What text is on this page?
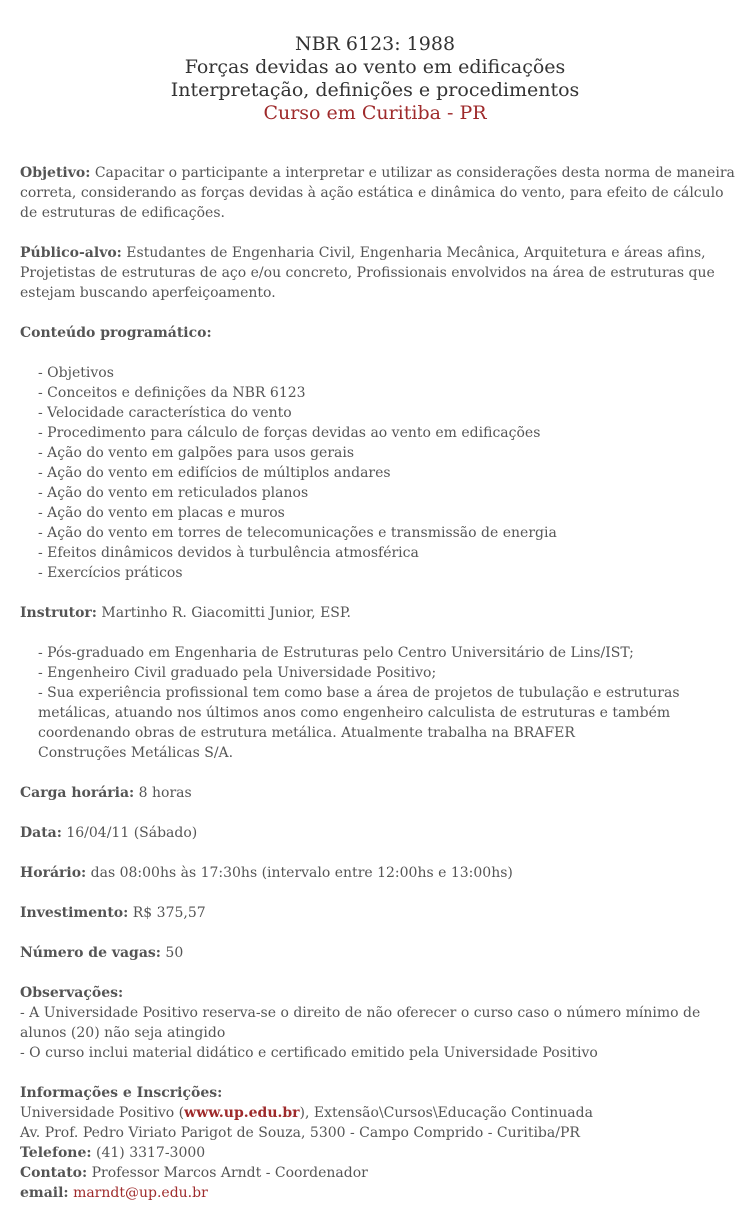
NBR 6123: 1988
Forças devidas ao vento em edificações
Interpretação, definições e procedimentos
Curso em Curitiba - PR

Objetivo: Capacitar o participante a interpretar e utilizar as considerações desta norma de maneira correta, considerando as forças devidas à ação estática e dinâmica do vento, para efeito de cálculo de estruturas de edificações.

Público-alvo: Estudantes de Engenharia Civil, Engenharia Mecânica, Arquitetura e áreas afins, Projetistas de estruturas de aço e/ou concreto, Profissionais envolvidos na área de estruturas que estejam buscando aperfeiçoamento.

Conteúdo programático:

- Objetivos
- Conceitos e definições da NBR 6123
- Velocidade característica do vento
- Procedimento para cálculo de forças devidas ao vento em edificações
- Ação do vento em galpões para usos gerais
- Ação do vento em edifícios de múltiplos andares
- Ação do vento em reticulados planos
- Ação do vento em placas e muros
- Ação do vento em torres de telecomunicações e transmissão de energia
- Efeitos dinâmicos devidos à turbulência atmosférica
- Exercícios práticos

Instrutor: Martinho R. Giacomitti Junior, ESP.

- Pós-graduado em Engenharia de Estruturas pelo Centro Universitário de Lins/IST;
- Engenheiro Civil graduado pela Universidade Positivo;
- Sua experiência profissional tem como base a área de projetos de tubulação e estruturas
metálicas, atuando nos últimos anos como engenheiro calculista de estruturas e também
coordenando obras de estrutura metálica. Atualmente trabalha na BRAFER
Construções Metálicas S/A.

Carga horária: 8 horas

Data: 16/04/11 (Sábado)

Horário: das 08:00hs às 17:30hs (intervalo entre 12:00hs e 13:00hs)

Investimento: R$ 375,57

Número de vagas: 50

Observações:

- A Universidade Positivo reserva-se o direito de não oferecer o curso caso o número mínimo de alunos (20) não seja atingido

- O curso inclui material didático e certificado emitido pela Universidade Positivo

Informações e Inscrições:

Universidade Positivo (www.up.edu.br), Extensão\Cursos\Educação Continuada

Av. Prof. Pedro Viriato Parigot de Souza, 5300 - Campo Comprido - Curitiba/PR

Telefone: (41) 3317-3000

Contato: Professor Marcos Arndt - Coordenador

email: marndt@up.edu.br
